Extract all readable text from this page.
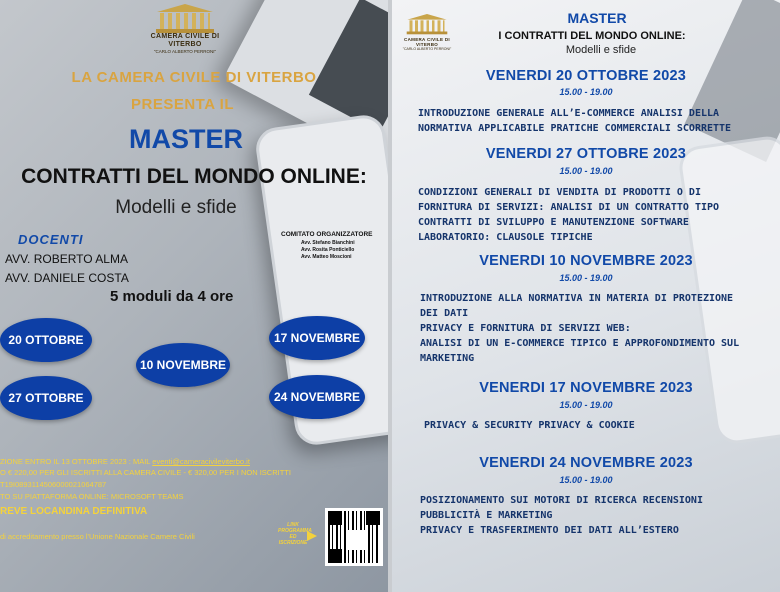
CAMERA CIVILE DI VITERBO
"CARLO ALBERTO PERRONI"
LA CAMERA CIVILE DI VITERBO
PRESENTA IL
MASTER
CONTRATTI DEL MONDO ONLINE:
Modelli e sfide
DOCENTI
AVV. ROBERTO ALMA
AVV. DANIELE COSTA
COMITATO ORGANIZZATORE
Avv. Stefano Bianchini
Avv. Rosita Ponticiello
Avv. Matteo Moscioni
5 moduli da 4 ore
20 OTTOBRE
27 OTTOBRE
10 NOVEMBRE
17 NOVEMBRE
24 NOVEMBRE
ZIONE ENTRO IL 13 OTTOBRE 2023 : MAIL eventi@cameracivileviterbo.it
O € 220,00 PER GLI ISCRITTI ALLA CAMERA CIVILE - € 320,00 PER I NON ISCRITTI
T19I0893114506000021064787
TO SU PIATTAFORMA ONLINE: MICROSOFT TEAMS
REVE LOCANDINA DEFINITIVA
di accreditamento presso l'Unione Nazionale Camere Civili
LINK PROGRAMMA ED ISCRIZIONE
CAMERA CIVILE DI VITERBO
"CARLO ALBERTO PERRONI"
MASTER
I CONTRATTI DEL MONDO ONLINE:
Modelli e sfide
VENERDI 20 OTTOBRE 2023
15.00 - 19.00
INTRODUZIONE GENERALE ALL’E-COMMERCE ANALISI DELLA
NORMATIVA APPLICABILE PRATICHE COMMERCIALI SCORRETTE
VENERDI 27 OTTOBRE 2023
15.00 - 19.00
CONDIZIONI GENERALI DI VENDITA DI PRODOTTI O DI
FORNITURA DI SERVIZI: ANALISI DI UN CONTRATTO TIPO
CONTRATTI DI SVILUPPO E MANUTENZIONE SOFTWARE
LABORATORIO: CLAUSOLE TIPICHE
VENERDI 10 NOVEMBRE 2023
15.00 - 19.00
INTRODUZIONE ALLA NORMATIVA IN MATERIA DI PROTEZIONE
DEI DATI
PRIVACY E FORNITURA DI SERVIZI WEB:
ANALISI DI UN E-COMMERCE TIPICO E APPROFONDIMENTO SUL
MARKETING
VENERDI 17 NOVEMBRE 2023
15.00 - 19.00
PRIVACY & SECURITY PRIVACY & COOKIE
VENERDI 24 NOVEMBRE 2023
15.00 - 19.00
POSIZIONAMENTO SUI MOTORI DI RICERCA RECENSIONI
PUBBLICITÀ E MARKETING
PRIVACY E TRASFERIMENTO DEI DATI ALL’ESTERO
